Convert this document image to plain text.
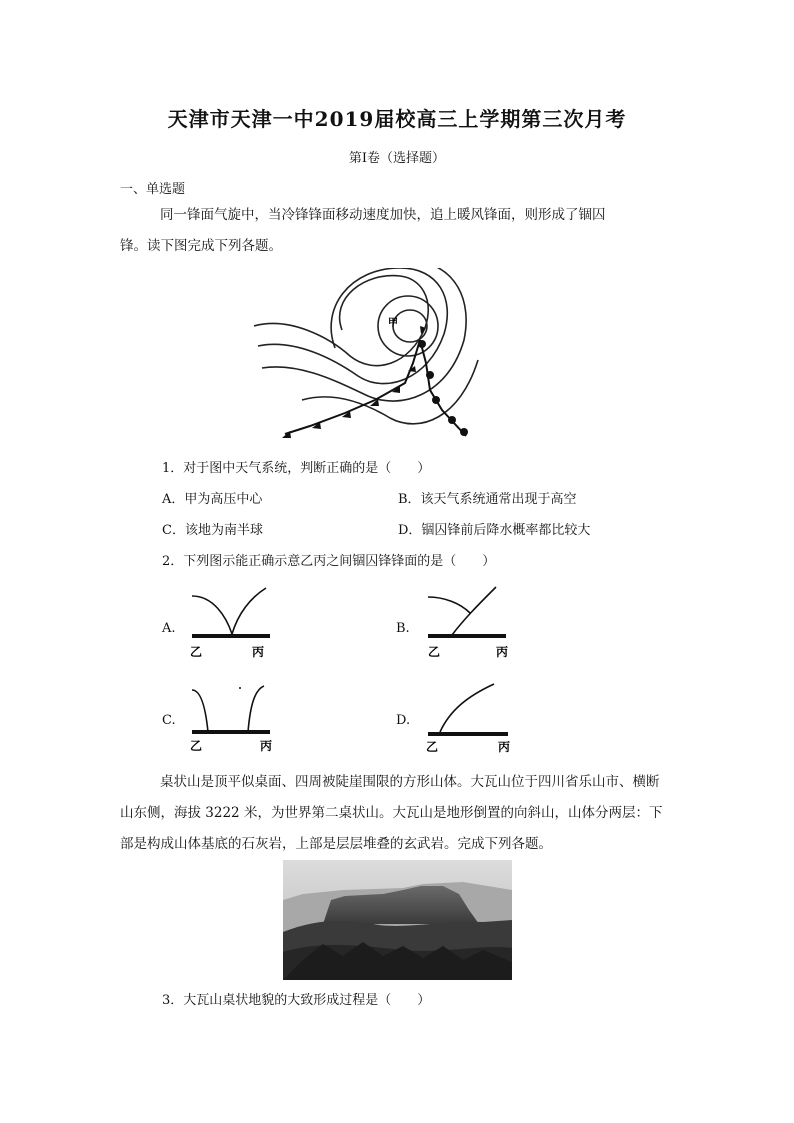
天津市天津一中2019届校高三上学期第三次月考
第I卷（选择题）
一、单选题
同一锋面气旋中，当冷锋锋面移动速度加快，追上暖风锋面，则形成了锢囚
锋。读下图完成下列各题。
甲
1．对于图中天气系统，判断正确的是（　　）
A．甲为高压中心	B．该天气系统通常出现于高空
C．该地为南半球	D．锢囚锋前后降水概率都比较大
2．下列图示能正确示意乙丙之间锢囚锋锋面的是（　　）
A.
乙	丙
B.
乙	丙
C.
乙	丙
D.
乙	丙
桌状山是顶平似桌面、四周被陡崖围限的方形山体。大瓦山位于四川省乐山市、横断
山东侧，海拔 3222 米，为世界第二桌状山。大瓦山是地形倒置的向斜山，山体分两层：下
部是构成山体基底的石灰岩，上部是层层堆叠的玄武岩。完成下列各题。
3．大瓦山桌状地貌的大致形成过程是（　　）
